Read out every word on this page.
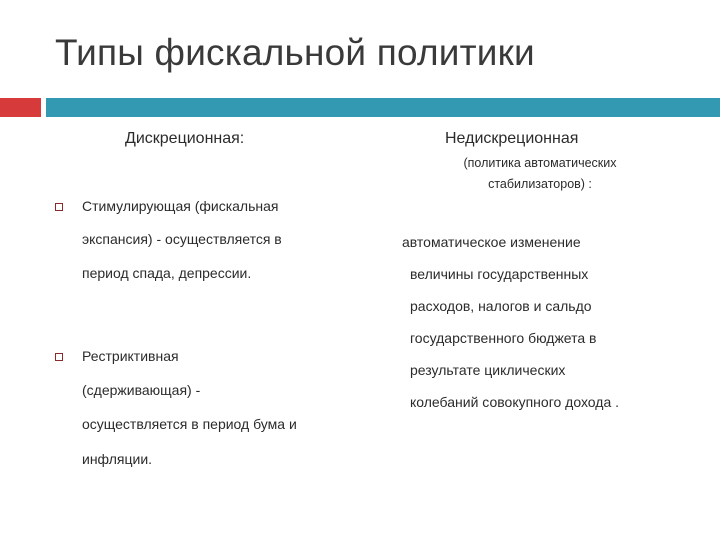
Типы фискальной политики
Дискреционная:
Стимулирующая (фискальная
экспансия) - осуществляется в
период спада, депрессии.
Рестриктивная
(сдерживающая) -
осуществляется в период бума и
инфляции.
Недискреционная
(политика автоматических
стабилизаторов) :
автоматическое изменение
величины государственных
расходов, налогов и сальдо
государственного бюджета в
результате циклических
колебаний совокупного дохода .
